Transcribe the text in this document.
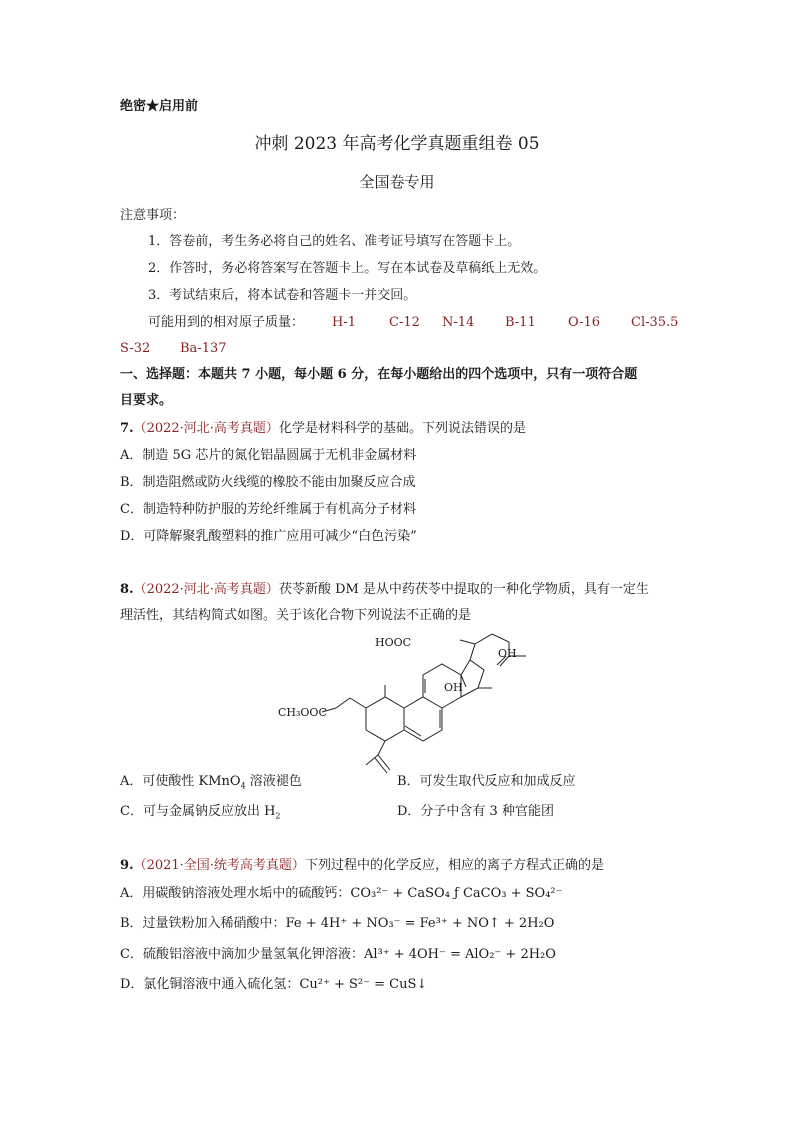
绝密★启用前
冲刺 2023 年高考化学真题重组卷 05
全国卷专用
注意事项：
1．答卷前，考生务必将自己的姓名、准考证号填写在答题卡上。
2．作答时，务必将答案写在答题卡上。写在本试卷及草稿纸上无效。
3．考试结束后，将本试卷和答题卡一并交回。
可能用到的相对原子质量： H-1	C-12 N-14 B-11 O-16 Cl-35.5
S-32 Ba-137
一、选择题：本题共 7 小题，每小题 6 分，在每小题给出的四个选项中，只有一项符合题
目要求。
7.（2022·河北·高考真题）化学是材料科学的基础。下列说法错误的是
A．制造 5G 芯片的氮化铝晶圆属于无机非金属材料
B．制造阻燃或防火线缆的橡胶不能由加聚反应合成
C．制造特种防护服的芳纶纤维属于有机高分子材料
D．可降解聚乳酸塑料的推广应用可减少“白色污染”
8.（2022·河北·高考真题）茯苓新酸 DM 是从中药茯苓中提取的一种化学物质，具有一定生
理活性，其结构简式如图。关于该化合物下列说法不正确的是
HOOC
OH
OH
CH₃OOC
A．可使酸性 KMnO$_4$ 溶液褪色	B．可发生取代反应和加成反应
C．可与金属钠反应放出 $H_2$	D．分子中含有 3 种官能团
9.（2021·全国·统考高考真题）下列过程中的化学反应，相应的离子方程式正确的是
A．用碳酸钠溶液处理水垢中的硫酸钙：CO₃²⁻ + CaSO₄ ƒ CaCO₃ + SO₄²⁻
B．过量铁粉加入稀硝酸中：Fe + 4H⁺ + NO₃⁻ = Fe³⁺ + NO↑ + 2H₂O
C．硫酸铝溶液中滴加少量氢氧化钾溶液：Al³⁺ + 4OH⁻ = AlO₂⁻ + 2H₂O
D．氯化铜溶液中通入硫化氢：Cu²⁺ + S²⁻ = CuS↓
